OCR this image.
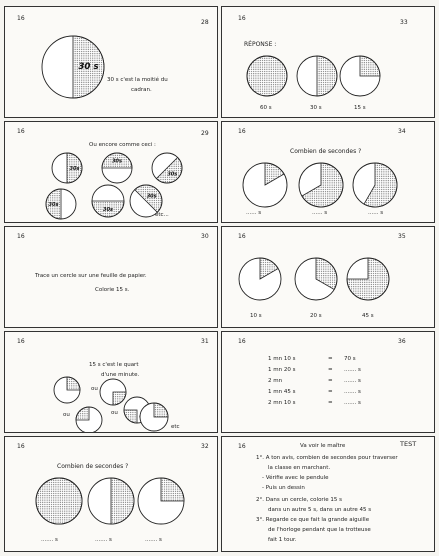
16
28
30 s
30 s c'est la moitié du
cadran.
16
33
RÉPONSE :
60 s	30 s	15 s
16	29
Ou encore comme ceci :
30s
30s
30s
30s
30s
30s
etc...
16	34
Combien de secondes ?
...... s	...... s	...... s
16	30
Trace un cercle sur une feuille de papier.
Colorie 15 s.
16	35
10 s	20 s	45 s
16	31
15 s c'est le quart
d'une minute.
ou
ou
ou
etc
16	36
1 mn 10 s	= 70 s
1 mn 20 s	= ....... s
2 mn	= ....... s
1 mn 45 s	= ....... s
2 mn 10 s	= ....... s
16	32
Combien de secondes ?
....... s	....... s	....... s
16	Va voir le maître	TEST
1°. A ton avis, combien de secondes pour traverser
la classe en marchant.
- Vérifie avec le pendule
- Puis un dessin
2°. Dans un cercle, colorie 15 s
dans un autre 5 s, dans un autre 45 s
3°. Regarde ce que fait la grande aiguille
de l'horloge pendant que la trotteuse
fait 1 tour.
